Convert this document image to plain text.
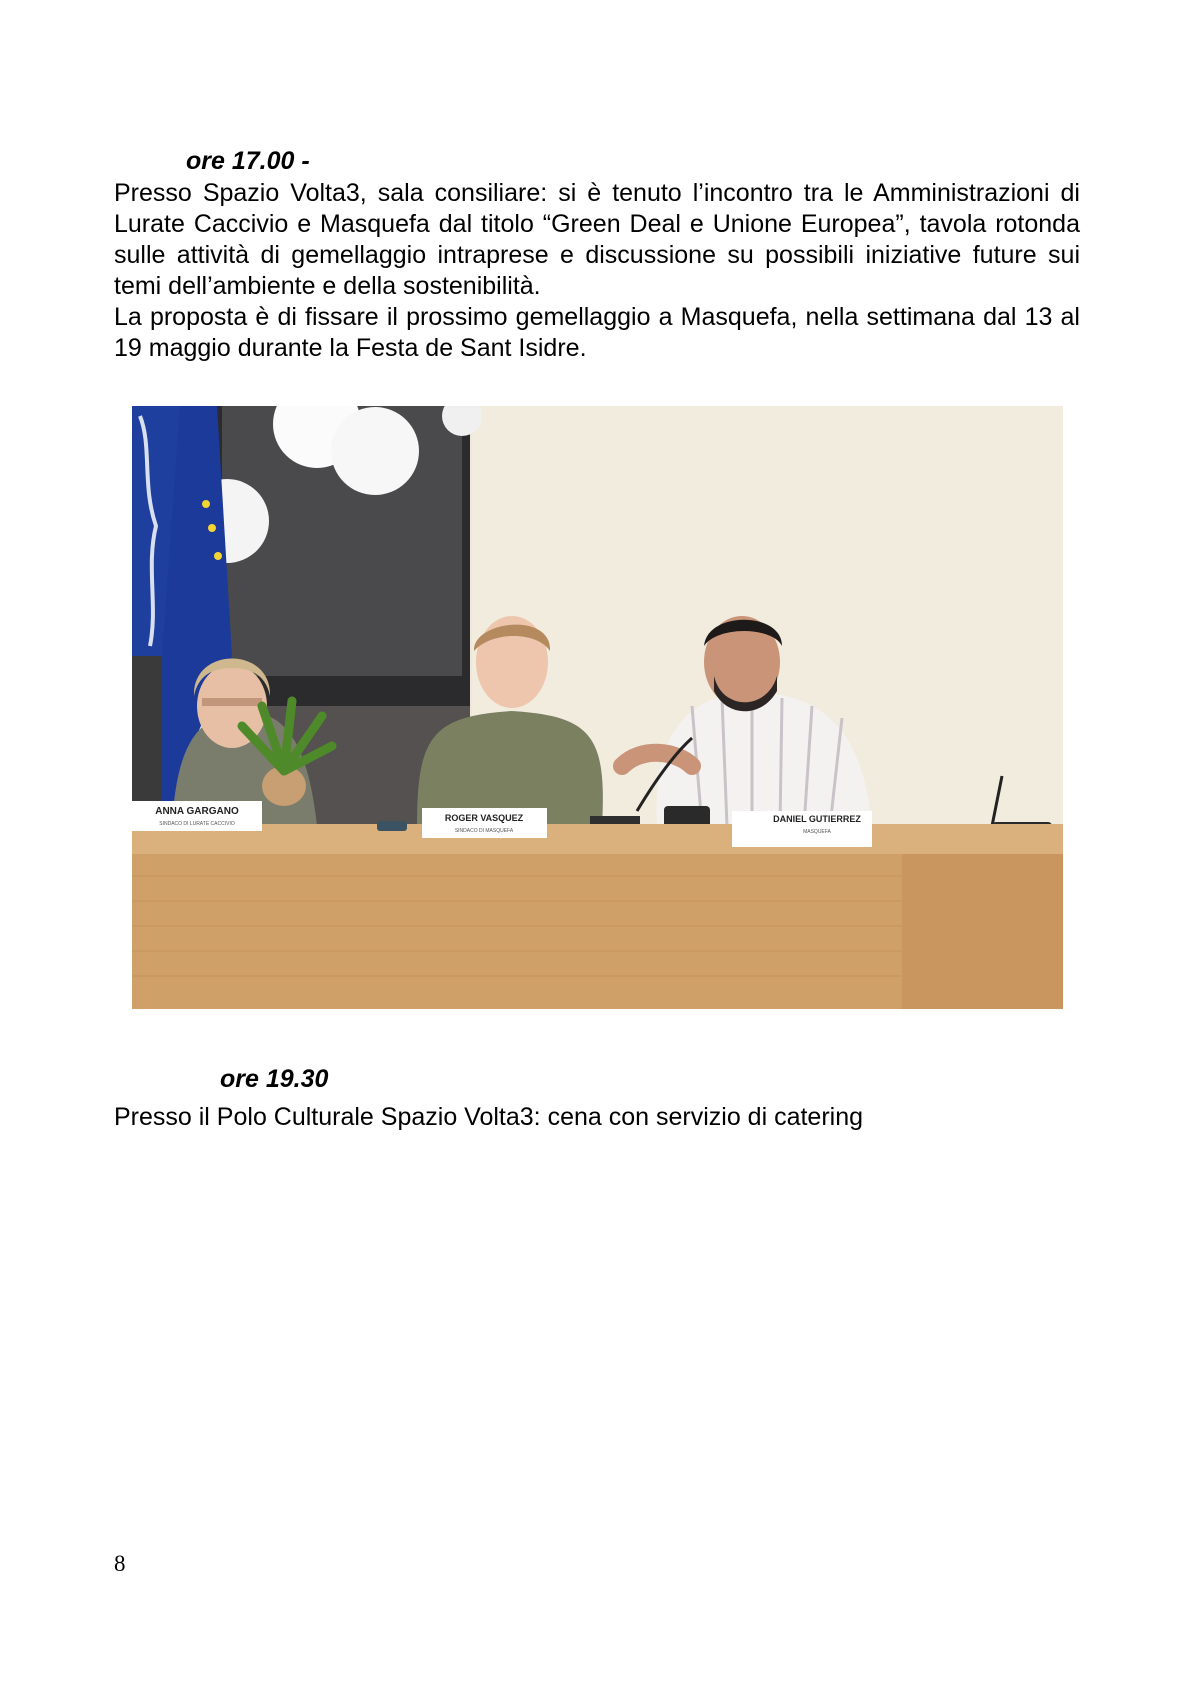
ore 17.00 -

Presso Spazio Volta3, sala consiliare: si è tenuto l’incontro tra le Amministrazioni di Lurate Caccivio e Masquefa dal titolo “Green Deal e Unione Europea”, tavola rotonda sulle attività di gemellaggio intraprese e discussione su possibili iniziative future sui temi dell’ambiente e della sostenibilità.

La proposta è di fissare il prossimo gemellaggio a Masquefa, nella settimana dal 13 al 19 maggio durante la Festa de Sant Isidre.

ANNA GARGANO
SINDACO DI LURATE CACCIVIO
ROGER VASQUEZ
SINDACO DI MASQUEFA
DANIEL GUTIERREZ
MASQUEFA
ore 19.30

Presso il Polo Culturale Spazio Volta3: cena con servizio di catering

8
